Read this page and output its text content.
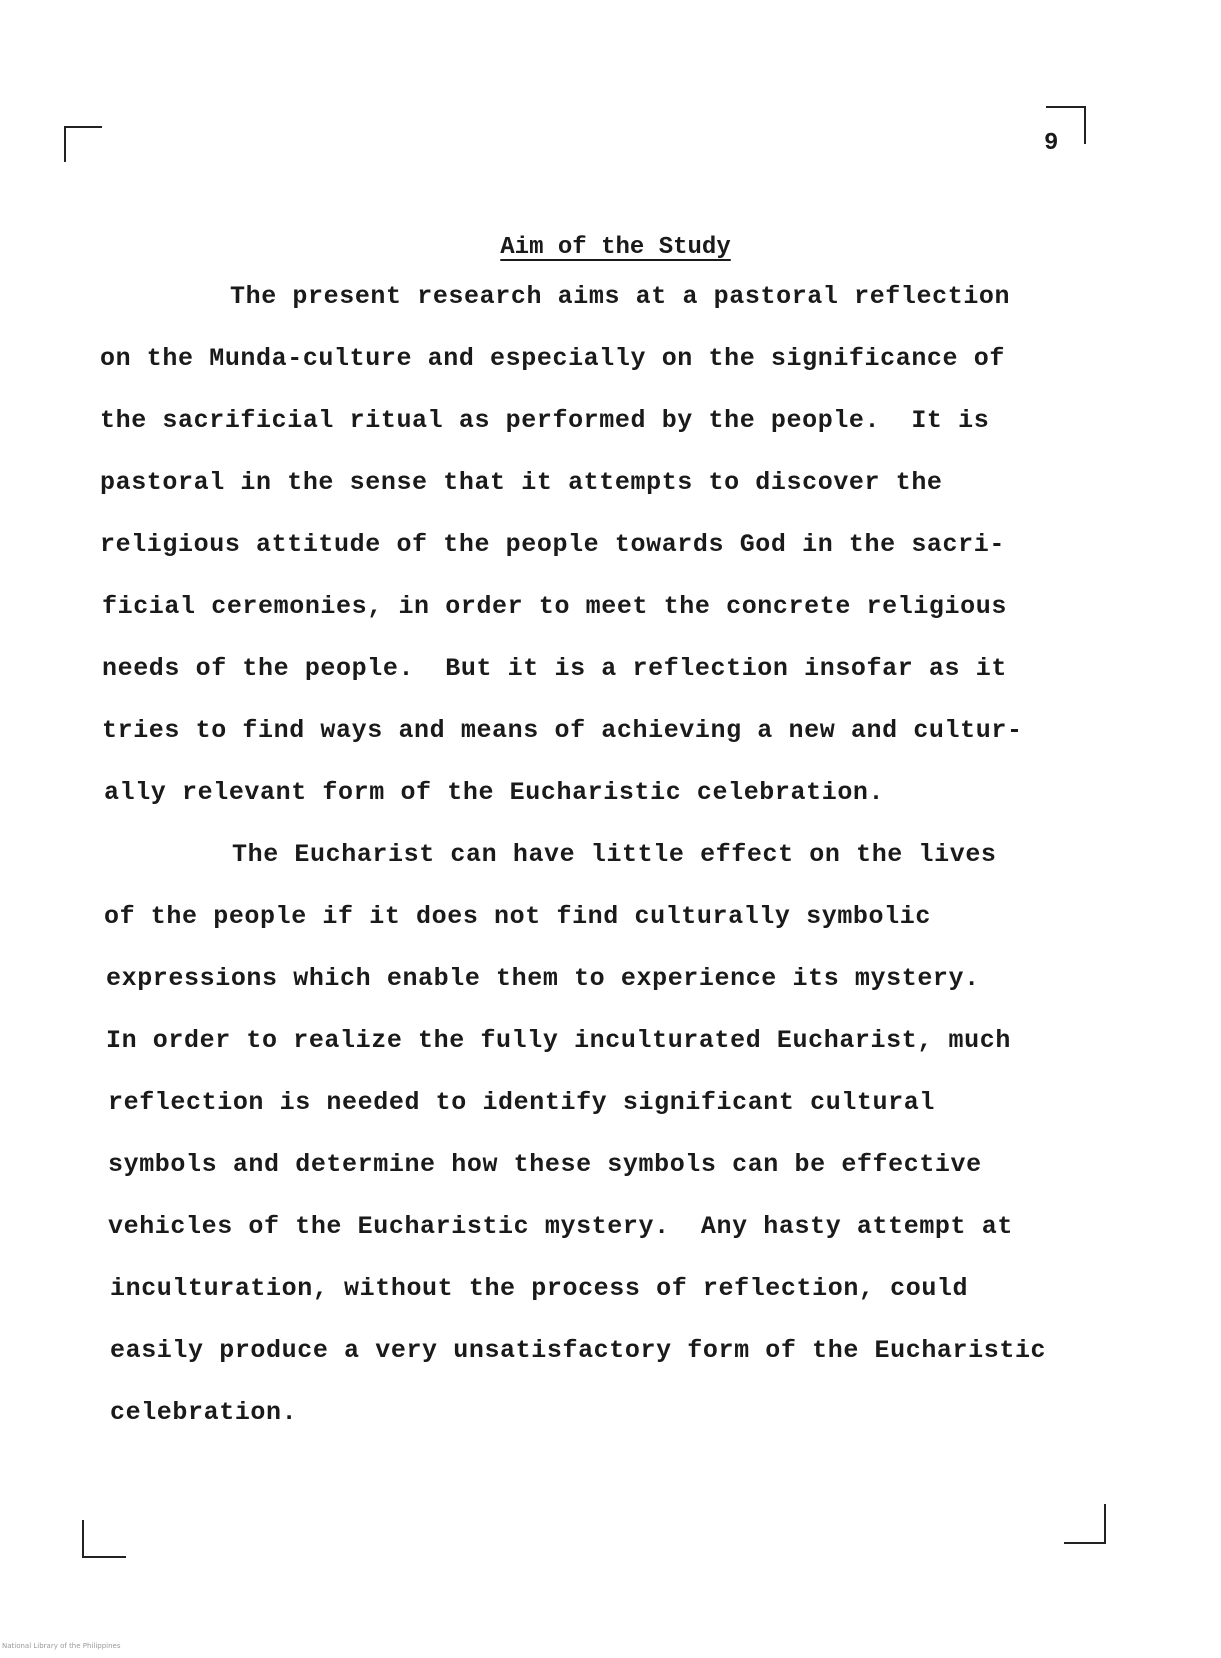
9
Aim of the Study
The present research aims at a pastoral reflection
on the Munda-culture and especially on the significance of
the sacrificial ritual as performed by the people.  It is
pastoral in the sense that it attempts to discover the
religious attitude of the people towards God in the sacri-
ficial ceremonies, in order to meet the concrete religious
needs of the people.  But it is a reflection insofar as it
tries to find ways and means of achieving a new and cultur-
ally relevant form of the Eucharistic celebration.
The Eucharist can have little effect on the lives
of the people if it does not find culturally symbolic
expressions which enable them to experience its mystery.
In order to realize the fully inculturated Eucharist, much
reflection is needed to identify significant cultural
symbols and determine how these symbols can be effective
vehicles of the Eucharistic mystery.  Any hasty attempt at
inculturation, without the process of reflection, could
easily produce a very unsatisfactory form of the Eucharistic
celebration.
National Library of the Philippines
